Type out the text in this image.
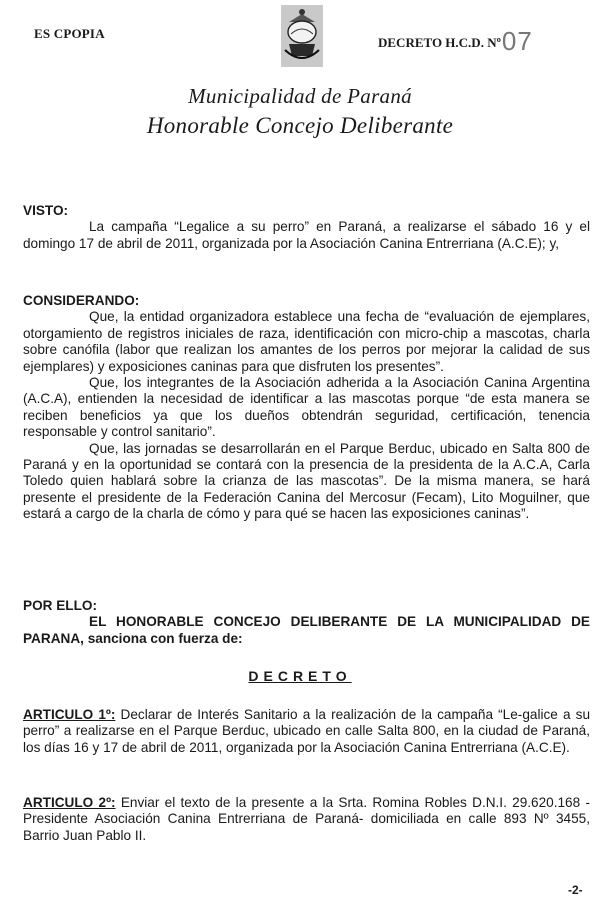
ES CPOPIA
DECRETO H.C.D. Nº07
Municipalidad de Paraná
Honorable Concejo Deliberante
VISTO:

La campaña “Legalice a su perro” en Paraná, a realizarse el sábado 16 y el domingo 17 de abril de 2011, organizada por la Asociación Canina Entrerriana (A.C.E); y,

CONSIDERANDO:

Que, la entidad organizadora establece una fecha de “evaluación de ejemplares, otorgamiento de registros iniciales de raza, identificación con micro-chip a mascotas, charla sobre canófila (labor que realizan los amantes de los perros por mejorar la calidad de sus ejemplares) y exposiciones caninas para que disfruten los presentes”.

Que, los integrantes de la Asociación adherida a la Asociación Canina Argentina (A.C.A), entienden la necesidad de identificar a las mascotas porque “de esta manera se reciben beneficios ya que los dueños obtendrán seguridad, certificación, tenencia responsable y control sanitario”.

Que, las jornadas se desarrollarán en el Parque Berduc, ubicado en Salta 800 de Paraná y en la oportunidad se contará con la presencia de la presidenta de la A.C.A, Carla Toledo quien hablará sobre la crianza de las mascotas”. De la misma manera, se hará presente el presidente de la Federación Canina del Mercosur (Fecam), Lito Moguilner, que estará a cargo de la charla de cómo y para qué se hacen las exposiciones caninas”.

POR ELLO:

EL HONORABLE CONCEJO DELIBERANTE DE LA MUNICIPALIDAD DE PARANA, sanciona con fuerza de:

DECRETO

ARTICULO 1º: Declarar de Interés Sanitario a la realización de la campaña “Le-galice a su perro” a realizarse en el Parque Berduc, ubicado en calle Salta 800, en la ciudad de Paraná, los días 16 y 17 de abril de 2011, organizada por la Asociación Canina Entrerriana (A.C.E).

ARTICULO 2º: Enviar el texto de la presente a la Srta. Romina Robles D.N.I. 29.620.168 -Presidente Asociación Canina Entrerriana de Paraná- domiciliada en calle 893 Nº 3455, Barrio Juan Pablo II.

-2-
